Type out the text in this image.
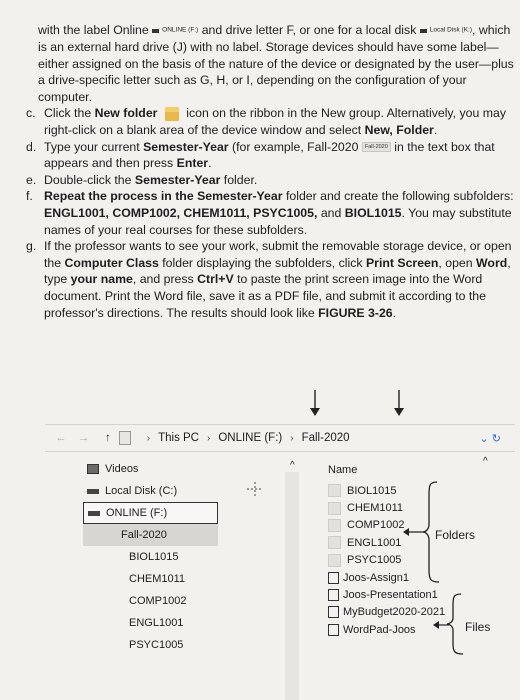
with the label Online ONLINE (F:) and drive letter F, or one for a local disk Local Disk (K:), which is an external hard drive (J) with no label. Storage devices should have some label—either assigned on the basis of the nature of the device or designated by the user—plus a drive-specific letter such as G, H, or I, depending on the configuration of your computer.

c. Click the New folder icon on the ribbon in the New group. Alternatively, you may right-click on a blank area of the device window and select New, Folder.
d. Type your current Semester-Year (for example, Fall-2020 Fall-2020 in the text box that appears and then press Enter.
e. Double-click the Semester-Year folder.
f. Repeat the process in the Semester-Year folder and create the following subfolders: ENGL1001, COMP1002, CHEM1011, PSYC1005, and BIOL1015. You may substitute names of your real courses for these subfolders.
g. If the professor wants to see your work, submit the removable storage device, or open the Computer Class folder displaying the subfolders, click Print Screen, open Word, type your name, and press Ctrl+V to paste the print screen image into the Word document. Print the Word file, save it as a PDF file, and submit it according to the professor's directions. The results should look like FIGURE 3-26.
← →	↑	› This PC › ONLINE (F:) › Fall-2020	⌄ ↻
Videos
Local Disk (C:)
ONLINE (F:)
Fall-2020
BIOL1015
CHEM1011
COMP1002
ENGL1001
PSYC1005
^	Name
BIOL1015
CHEM1011
COMP1002
ENGL1001
PSYC1005
Joos-Assign1
Joos-Presentation1
MyBudget2020-2021
WordPad-Joos
^
Folders
Files
